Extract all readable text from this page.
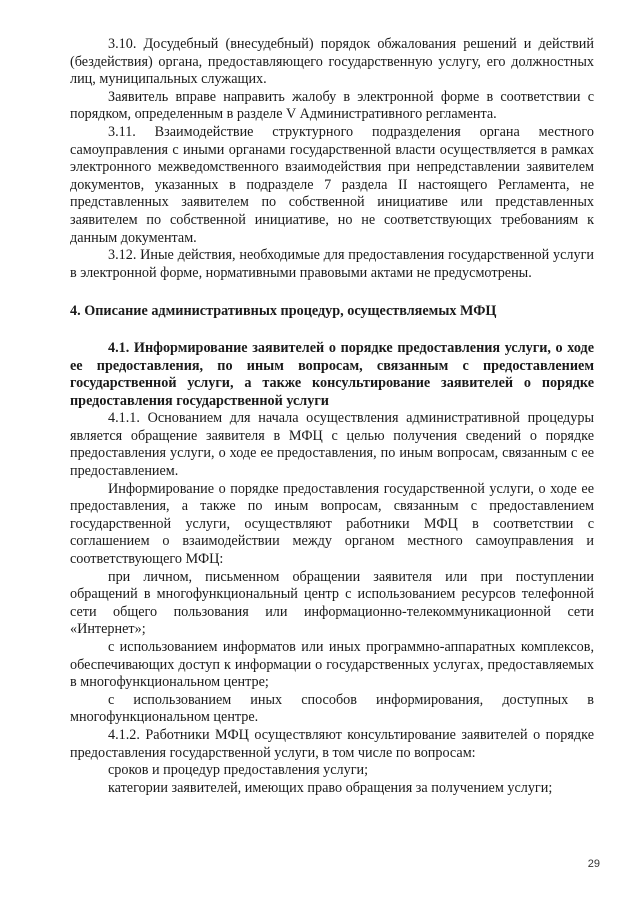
3.10. Досудебный (внесудебный) порядок обжалования решений и действий (бездействия) органа, предоставляющего государственную услугу, его должностных лиц, муниципальных служащих.

Заявитель вправе направить жалобу в электронной форме в соответствии с порядком, определенным в разделе V Административного регламента.

3.11. Взаимодействие структурного подразделения органа местного самоуправления с иными органами государственной власти осуществляется в рамках электронного межведомственного взаимодействия при непредставлении заявителем документов, указанных в подразделе 7 раздела II настоящего Регламента, не представленных заявителем по собственной инициативе или представленных заявителем по собственной инициативе, но не соответствующих требованиям к данным документам.

3.12. Иные действия, необходимые для предоставления государственной услуги в электронной форме, нормативными правовыми актами не предусмотрены.

4. Описание административных процедур, осуществляемых МФЦ

4.1. Информирование заявителей о порядке предоставления услуги, о ходе ее предоставления, по иным вопросам, связанным с предоставлением государственной услуги, а также консультирование заявителей о порядке предоставления государственной услуги

4.1.1. Основанием для начала осуществления административной процедуры является обращение заявителя в МФЦ с целью получения сведений о порядке предоставления услуги, о ходе ее предоставления, по иным вопросам, связанным с ее предоставлением.

Информирование о порядке предоставления государственной услуги, о ходе ее предоставления, а также по иным вопросам, связанным с предоставлением государственной услуги, осуществляют работники МФЦ в соответствии с соглашением о взаимодействии между органом местного самоуправления и соответствующего МФЦ:

при личном, письменном обращении заявителя или при поступлении обращений в многофункциональный центр с использованием ресурсов телефонной сети общего пользования или информационно-телекоммуникационной сети «Интернет»;

с использованием информатов или иных программно-аппаратных комплексов, обеспечивающих доступ к информации о государственных услугах, предоставляемых в многофункциональном центре;

с использованием иных способов информирования, доступных в многофункциональном центре.

4.1.2. Работники МФЦ осуществляют консультирование заявителей о порядке предоставления государственной услуги, в том числе по вопросам:

сроков и процедур предоставления услуги;

категории заявителей, имеющих право обращения за получением услуги;

29
